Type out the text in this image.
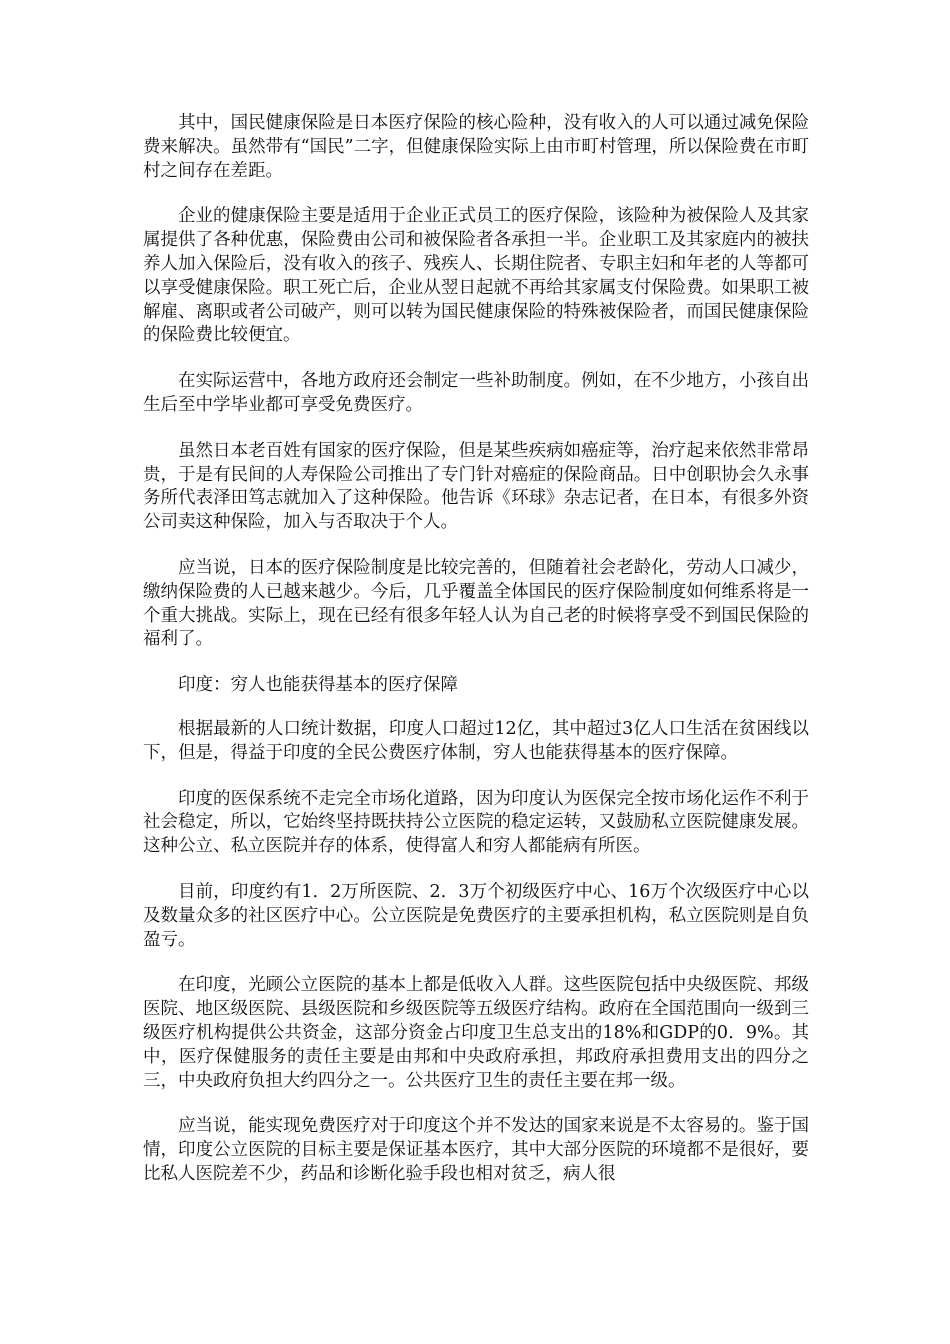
其中，国民健康保险是日本医疗保险的核心险种，没有收入的人可以通过减免保险费来解决。虽然带有“国民”二字，但健康保险实际上由市町村管理，所以保险费在市町村之间存在差距。

企业的健康保险主要是适用于企业正式员工的医疗保险，该险种为被保险人及其家属提供了各种优惠，保险费由公司和被保险者各承担一半。企业职工及其家庭内的被扶养人加入保险后，没有收入的孩子、残疾人、长期住院者、专职主妇和年老的人等都可以享受健康保险。职工死亡后，企业从翌日起就不再给其家属支付保险费。如果职工被解雇、离职或者公司破产，则可以转为国民健康保险的特殊被保险者，而国民健康保险的保险费比较便宜。

在实际运营中，各地方政府还会制定一些补助制度。例如，在不少地方，小孩自出生后至中学毕业都可享受免费医疗。

虽然日本老百姓有国家的医疗保险，但是某些疾病如癌症等，治疗起来依然非常昂贵，于是有民间的人寿保险公司推出了专门针对癌症的保险商品。日中创职协会久永事务所代表泽田笃志就加入了这种保险。他告诉《环球》杂志记者，在日本，有很多外资公司卖这种保险，加入与否取决于个人。

应当说，日本的医疗保险制度是比较完善的，但随着社会老龄化，劳动人口减少，缴纳保险费的人已越来越少。今后，几乎覆盖全体国民的医疗保险制度如何维系将是一个重大挑战。实际上，现在已经有很多年轻人认为自己老的时候将享受不到国民保险的福利了。

印度：穷人也能获得基本的医疗保障

根据最新的人口统计数据，印度人口超过12亿，其中超过3亿人口生活在贫困线以下，但是，得益于印度的全民公费医疗体制，穷人也能获得基本的医疗保障。

印度的医保系统不走完全市场化道路，因为印度认为医保完全按市场化运作不利于社会稳定，所以，它始终坚持既扶持公立医院的稳定运转，又鼓励私立医院健康发展。这种公立、私立医院并存的体系，使得富人和穷人都能病有所医。

目前，印度约有1．2万所医院、2．3万个初级医疗中心、16万个次级医疗中心以及数量众多的社区医疗中心。公立医院是免费医疗的主要承担机构，私立医院则是自负盈亏。

在印度，光顾公立医院的基本上都是低收入人群。这些医院包括中央级医院、邦级医院、地区级医院、县级医院和乡级医院等五级医疗结构。政府在全国范围向一级到三级医疗机构提供公共资金，这部分资金占印度卫生总支出的18%和GDP的0．9%。其中，医疗保健服务的责任主要是由邦和中央政府承担，邦政府承担费用支出的四分之三，中央政府负担大约四分之一。公共医疗卫生的责任主要在邦一级。

应当说，能实现免费医疗对于印度这个并不发达的国家来说是不太容易的。鉴于国情，印度公立医院的目标主要是保证基本医疗，其中大部分医院的环境都不是很好，要比私人医院差不少，药品和诊断化验手段也相对贫乏，病人很
